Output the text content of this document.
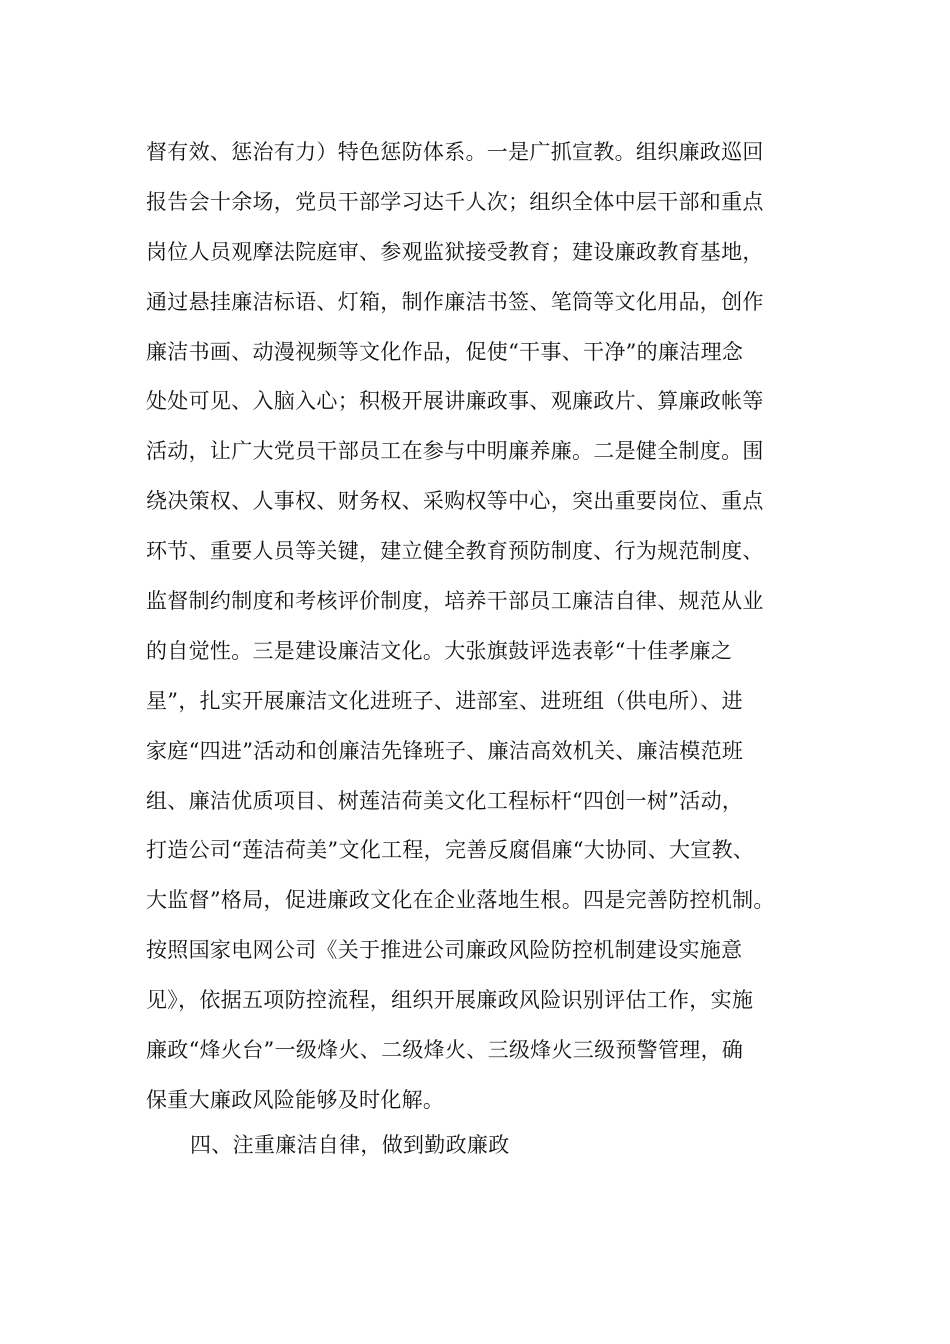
督有效、惩治有力）特色惩防体系。一是广抓宣教。组织廉政巡回
报告会十余场，党员干部学习达千人次；组织全体中层干部和重点
岗位人员观摩法院庭审、参观监狱接受教育；建设廉政教育基地，
通过悬挂廉洁标语、灯箱，制作廉洁书签、笔筒等文化用品，创作
廉洁书画、动漫视频等文化作品，促使“干事、干净”的廉洁理念
处处可见、入脑入心；积极开展讲廉政事、观廉政片、算廉政帐等
活动，让广大党员干部员工在参与中明廉养廉。二是健全制度。围
绕决策权、人事权、财务权、采购权等中心，突出重要岗位、重点
环节、重要人员等关键，建立健全教育预防制度、行为规范制度、
监督制约制度和考核评价制度，培养干部员工廉洁自律、规范从业
的自觉性。三是建设廉洁文化。大张旗鼓评选表彰“十佳孝廉之
星”，扎实开展廉洁文化进班子、进部室、进班组（供电所）、进
家庭“四进”活动和创廉洁先锋班子、廉洁高效机关、廉洁模范班
组、廉洁优质项目、树莲洁荷美文化工程标杆“四创一树”活动，
打造公司“莲洁荷美”文化工程，完善反腐倡廉“大协同、大宣教、
大监督”格局，促进廉政文化在企业落地生根。四是完善防控机制。
按照国家电网公司《关于推进公司廉政风险防控机制建设实施意
见》，依据五项防控流程，组织开展廉政风险识别评估工作，实施
廉政“烽火台”一级烽火、二级烽火、三级烽火三级预警管理，确
保重大廉政风险能够及时化解。
四、注重廉洁自律，做到勤政廉政
